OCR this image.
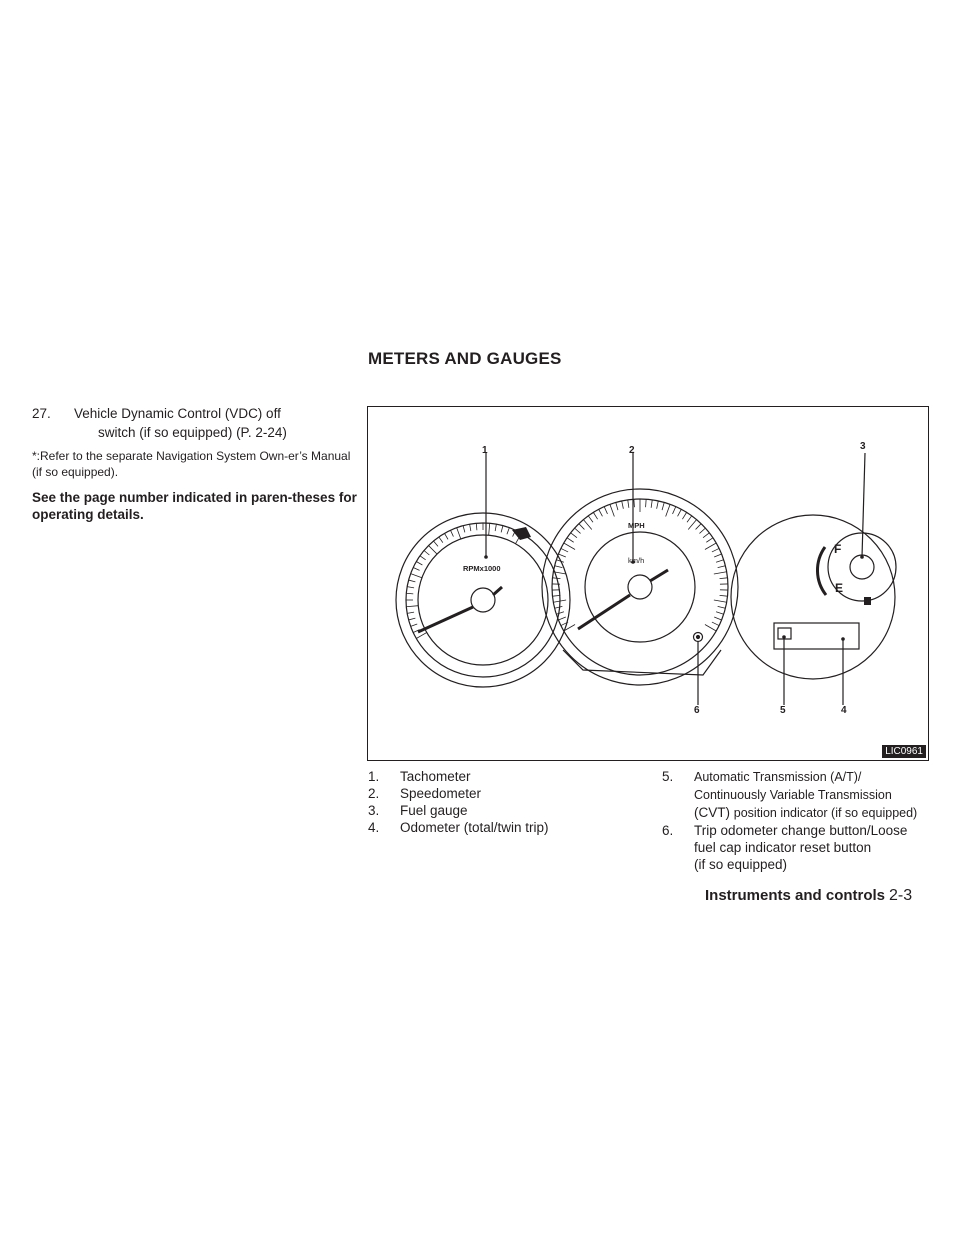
METERS AND GAUGES
27.	Vehicle Dynamic Control (VDC) off
switch (if so equipped) (P. 2-24)
*:Refer to the separate Navigation System Own-er’s Manual (if so equipped).
See the page number indicated in paren-theses for operating details.
1	2	3
4
5
6
RPMx1000
MPH
km/h
F
E
LIC0961
1.	Tachometer
2.	Speedometer
3.	Fuel gauge
4.	Odometer (total/twin trip)
5.	Automatic Transmission (A/T)/
Continuously Variable Transmission
(CVT) position indicator (if so equipped)
6.	Trip odometer change button/Loose
fuel cap indicator reset button
(if so equipped)
Instruments and controls 2-3
